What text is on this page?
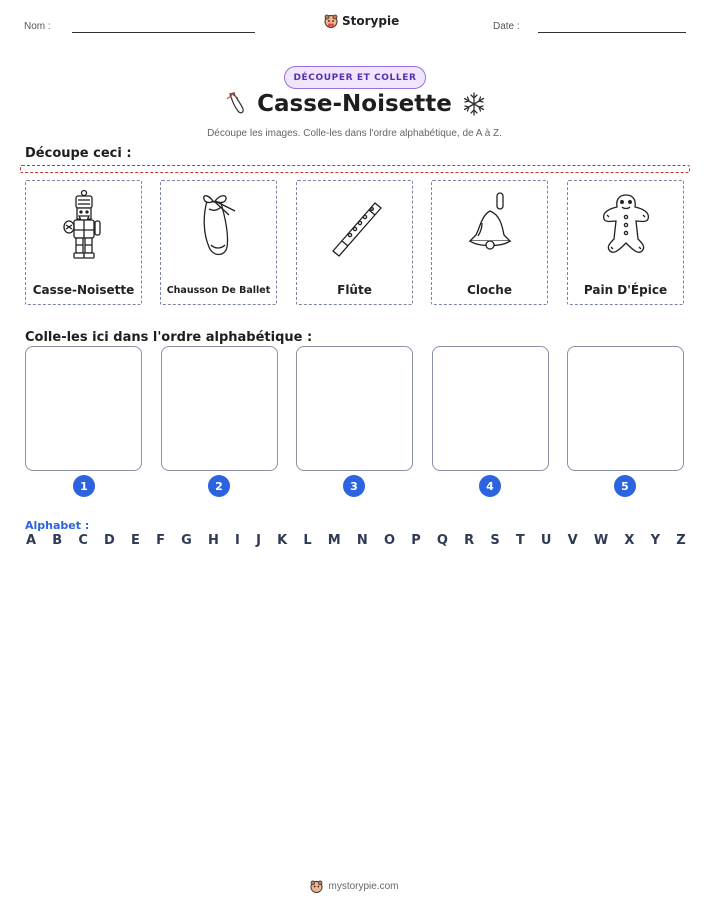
Nom :	Storypie	Date :
DÉCOUPER ET COLLER
Casse-Noisette
Découpe les images. Colle-les dans l'ordre alphabétique, de A à Z.
Découpe ceci :
Casse-Noisette	Chausson De Ballet	Flûte	Cloche	Pain D'Épice
Colle-les ici dans l'ordre alphabétique :
1	2	3	4	5
Alphabet :
A B C D E F G H I J K L M N O P Q R S T U V W X Y Z
mystorypie.com
